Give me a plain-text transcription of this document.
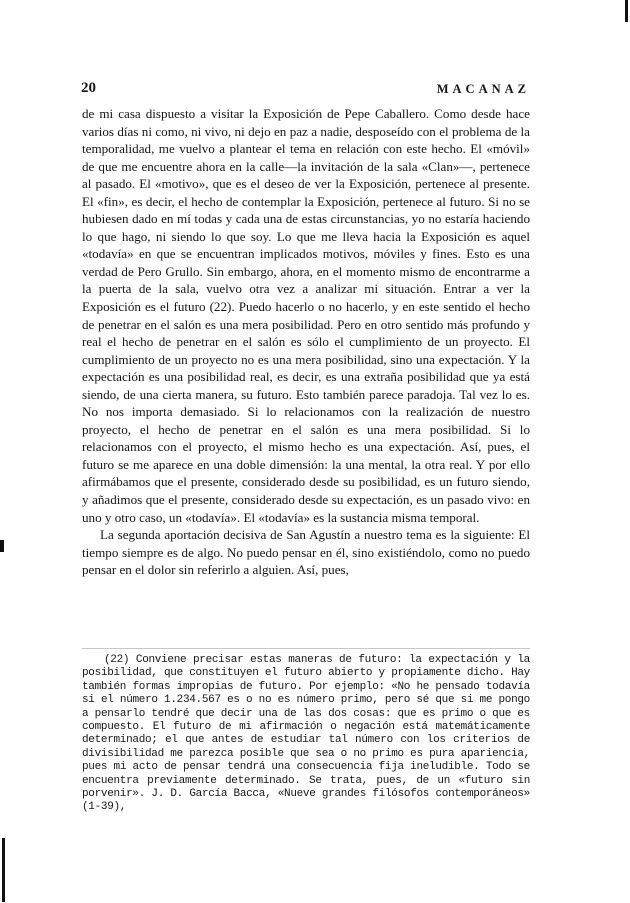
20	MACANAZ

de mi casa dispuesto a visitar la Exposición de Pepe Caballero. Como desde hace varios días ni como, ni vivo, ni dejo en paz a nadie, desposeído con el problema de la temporalidad, me vuelvo a plantear el tema en relación con este hecho. El «móvil» de que me encuentre ahora en la calle—la invitación de la sala «Clan»—, pertenece al pasado. El «motivo», que es el deseo de ver la Exposición, pertenece al presente. El «fin», es decir, el hecho de contemplar la Exposición, pertenece al futuro. Si no se hubiesen dado en mí todas y cada una de estas circunstancias, yo no estaría haciendo lo que hago, ni siendo lo que soy. Lo que me lleva hacia la Exposición es aquel «todavía» en que se encuentran implicados motivos, móviles y fines. Esto es una verdad de Pero Grullo. Sin embargo, ahora, en el momento mismo de encontrarme a la puerta de la sala, vuelvo otra vez a analizar mi situación. Entrar a ver la Exposición es el futuro (22). Puedo hacerlo o no hacerlo, y en este sentido el hecho de penetrar en el salón es una mera posibilidad. Pero en otro sentido más profundo y real el hecho de penetrar en el salón es sólo el cumplimiento de un proyecto. El cumplimiento de un proyecto no es una mera posibilidad, sino una expectación. Y la expectación es una posibilidad real, es decir, es una extraña posibilidad que ya está siendo, de una cierta manera, su futuro. Esto también parece paradoja. Tal vez lo es. No nos importa demasiado. Si lo relacionamos con la realización de nuestro proyecto, el hecho de penetrar en el salón es una mera posibilidad. Si lo relacionamos con el proyecto, el mismo hecho es una expectación. Así, pues, el futuro se me aparece en una doble dimensión: la una mental, la otra real. Y por ello afirmábamos que el presente, considerado desde su posibilidad, es un futuro siendo, y añadimos que el presente, considerado desde su expectación, es un pasado vivo: en uno y otro caso, un «todavía». El «todavía» es la sustancia misma temporal.

La segunda aportación decisiva de San Agustín a nuestro tema es la siguiente: El tiempo siempre es de algo. No puedo pensar en él, sino existiéndolo, como no puedo pensar en el dolor sin referirlo a alguien. Así, pues,

(22) Conviene precisar estas maneras de futuro: la expectación y la posibilidad, que constituyen el futuro abierto y propiamente dicho. Hay también formas impropias de futuro. Por ejemplo: «No he pensado todavía si el número 1.234.567 es o no es número primo, pero sé que si me pongo a pensarlo tendré que decir una de las dos cosas: que es primo o que es compuesto. El futuro de mi afirmación o negación está matemáticamente determinado; el que antes de estudiar tal número con los criterios de divisibilidad me parezca posible que sea o no primo es pura apariencia, pues mi acto de pensar tendrá una consecuencia fija ineludible. Todo se encuentra previamente determinado. Se trata, pues, de un «futuro sin porvenir». J. D. García Bacca, «Nueve grandes filósofos contemporáneos» (1-39),
